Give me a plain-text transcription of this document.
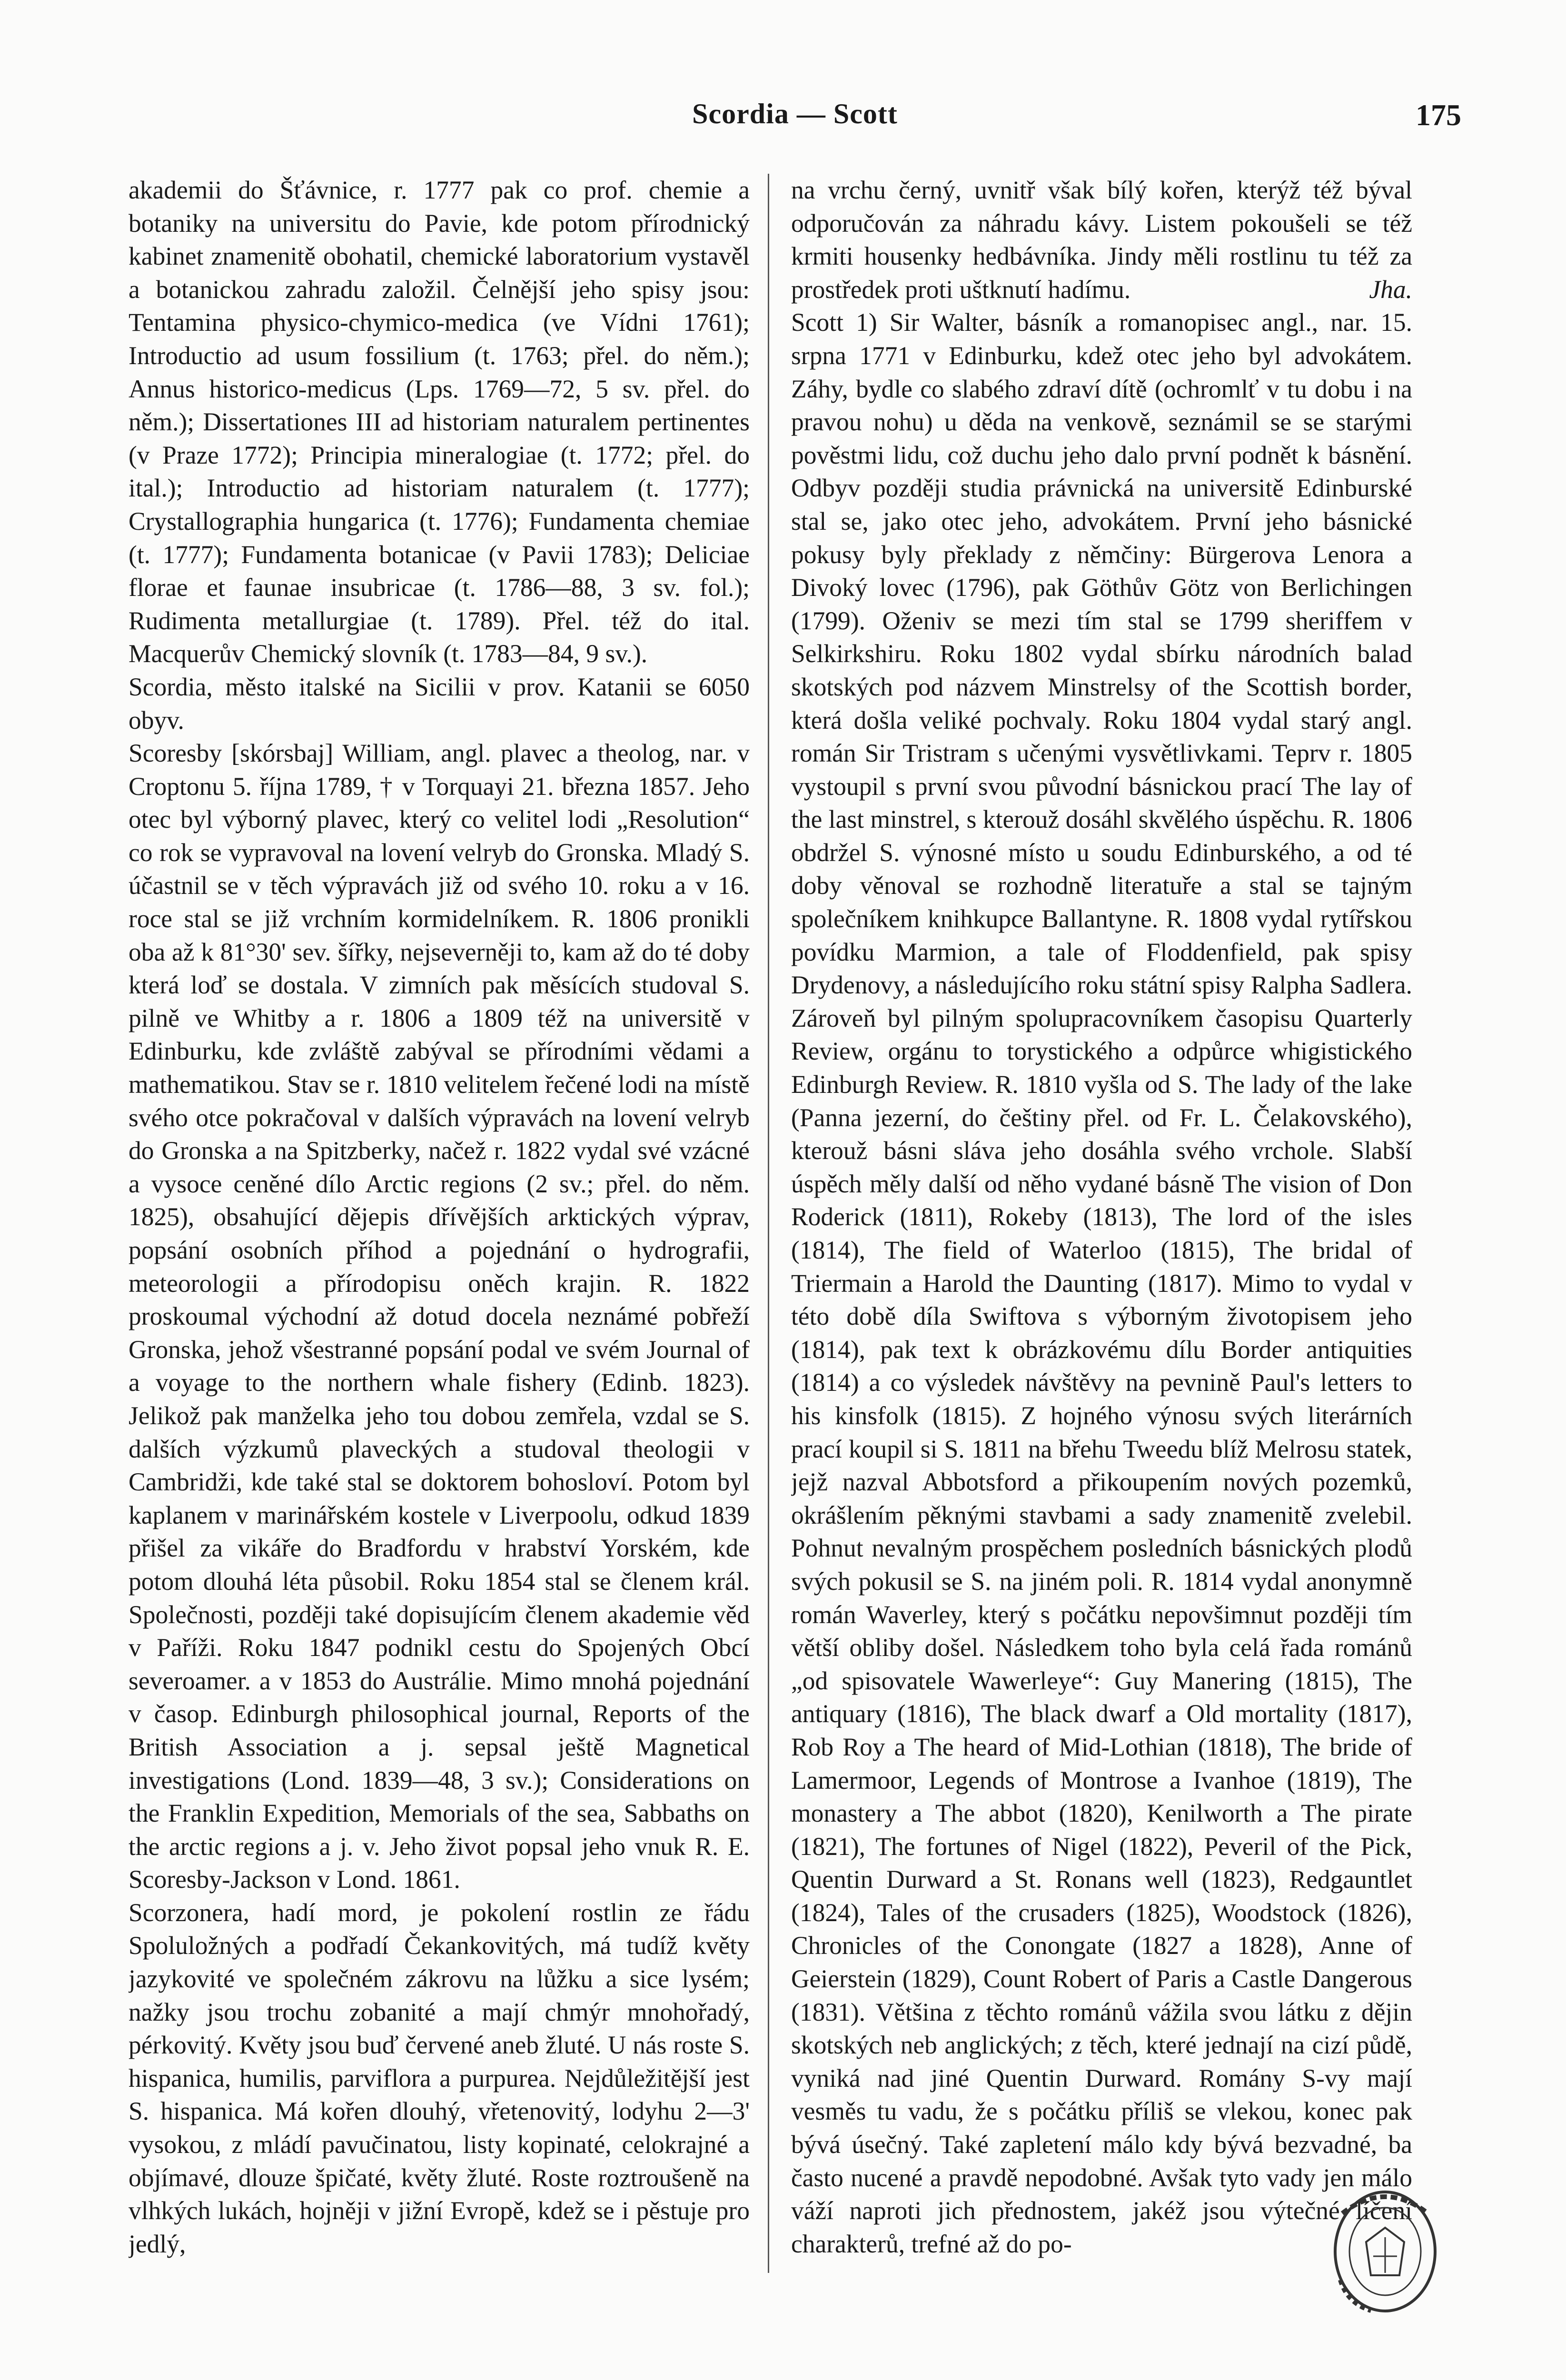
Scordia — Scott	175

akademii do Šťávnice, r. 1777 pak co prof. chemie a botaniky na universitu do Pavie, kde potom přírodnický kabinet znamenitě obohatil, chemické laboratorium vystavěl a botanickou zahradu založil. Čelnější jeho spisy jsou: Tentamina physico-chymico-medica (ve Vídni 1761); Introductio ad usum fossilium (t. 1763; přel. do něm.); Annus historico-medicus (Lps. 1769—72, 5 sv. přel. do něm.); Dissertationes III ad historiam naturalem pertinentes (v Praze 1772); Principia mineralogiae (t. 1772; přel. do ital.); Introductio ad historiam naturalem (t. 1777); Crystallographia hungarica (t. 1776); Fundamenta chemiae (t. 1777); Fundamenta botanicae (v Pavii 1783); Deliciae florae et faunae insubricae (t. 1786—88, 3 sv. fol.); Rudimenta metallurgiae (t. 1789). Přel. též do ital. Macquerův Chemický slovník (t. 1783—84, 9 sv.).

Scordia, město italské na Sicilii v prov. Katanii se 6050 obyv.

Scoresby [skórsbaj] William, angl. plavec a theolog, nar. v Croptonu 5. října 1789, † v Torquayi 21. března 1857. Jeho otec byl výborný plavec, který co velitel lodi „Resolution“ co rok se vypravoval na lovení velryb do Gronska. Mladý S. účastnil se v těch výpravách již od svého 10. roku a v 16. roce stal se již vrchním kormidelníkem. R. 1806 pronikli oba až k 81°30' sev. šířky, nejseverněji to, kam až do té doby která loď se dostala. V zimních pak měsících studoval S. pilně ve Whitby a r. 1806 a 1809 též na universitě v Edinburku, kde zvláště zabýval se přírodními vědami a mathematikou. Stav se r. 1810 velitelem řečené lodi na místě svého otce pokračoval v dalších výpravách na lovení velryb do Gronska a na Spitzberky, načež r. 1822 vydal své vzácné a vysoce ceněné dílo Arctic regions (2 sv.; přel. do něm. 1825), obsahující dějepis dřívějších arktických výprav, popsání osobních příhod a pojednání o hydrografii, meteorologii a přírodopisu oněch krajin. R. 1822 proskoumal východní až dotud docela neznámé pobřeží Gronska, jehož všestranné popsání podal ve svém Journal of a voyage to the northern whale fishery (Edinb. 1823). Jelikož pak manželka jeho tou dobou zemřela, vzdal se S. dalších výzkumů plaveckých a studoval theologii v Cambridži, kde také stal se doktorem bohosloví. Potom byl kaplanem v marinářském kostele v Liverpoolu, odkud 1839 přišel za vikáře do Bradfordu v hrabství Yorském, kde potom dlouhá léta působil. Roku 1854 stal se členem král. Společnosti, později také dopisujícím členem akademie věd v Paříži. Roku 1847 podnikl cestu do Spojených Obcí severoamer. a v 1853 do Austrálie. Mimo mnohá pojednání v časop. Edinburgh philosophical journal, Reports of the British Association a j. sepsal ještě Magnetical investigations (Lond. 1839—48, 3 sv.); Considerations on the Franklin Expedition, Memorials of the sea, Sabbaths on the arctic regions a j. v. Jeho život popsal jeho vnuk R. E. Scoresby-Jackson v Lond. 1861.

Scorzonera, hadí mord, je pokolení rostlin ze řádu Spoluložných a podřadí Čekankovitých, má tudíž květy jazykovité ve společném zákrovu na lůžku a sice lysém; nažky jsou trochu zobanité a mají chmýr mnohořadý, pérkovitý. Květy jsou buď červené aneb žluté. U nás roste S. hispanica, humilis, parviflora a purpurea. Nejdůležitější jest S. hispanica. Má kořen dlouhý, vřetenovitý, lodyhu 2—3' vysokou, z mládí pavučinatou, listy kopinaté, celokrajné a objímavé, dlouze špičaté, květy žluté. Roste roztroušeně na vlhkých lukách, hojněji v jižní Evropě, kdež se i pěstuje pro jedlý,

na vrchu černý, uvnitř však bílý kořen, kterýž též býval odporučován za náhradu kávy. Listem pokoušeli se též krmiti housenky hedbávníka. Jindy měli rostlinu tu též za prostředek proti uštknutí hadímu.	Jha.

Scott 1) Sir Walter, básník a romanopisec angl., nar. 15. srpna 1771 v Edinburku, kdež otec jeho byl advokátem. Záhy, bydle co slabého zdraví dítě (ochromlť v tu dobu i na pravou nohu) u děda na venkově, seznámil se se starými pověstmi lidu, což duchu jeho dalo první podnět k básnění. Odbyv později studia právnická na universitě Edinburské stal se, jako otec jeho, advokátem. První jeho básnické pokusy byly překlady z němčiny: Bürgerova Lenora a Divoký lovec (1796), pak Göthův Götz von Berlichingen (1799). Oženiv se mezi tím stal se 1799 sheriffem v Selkirkshiru. Roku 1802 vydal sbírku národních balad skotských pod názvem Minstrelsy of the Scottish border, která došla veliké pochvaly. Roku 1804 vydal starý angl. román Sir Tristram s učenými vysvětlivkami. Teprv r. 1805 vystoupil s první svou původní básnickou prací The lay of the last minstrel, s kterouž dosáhl skvělého úspěchu. R. 1806 obdržel S. výnosné místo u soudu Edinburského, a od té doby věnoval se rozhodně literatuře a stal se tajným společníkem knihkupce Ballantyne. R. 1808 vydal rytířskou povídku Marmion, a tale of Floddenfield, pak spisy Drydenovy, a následujícího roku státní spisy Ralpha Sadlera. Zároveň byl pilným spolupracovníkem časopisu Quarterly Review, orgánu to torystického a odpůrce whigistického Edinburgh Review. R. 1810 vyšla od S. The lady of the lake (Panna jezerní, do češtiny přel. od Fr. L. Čelakovského), kterouž básni sláva jeho dosáhla svého vrchole. Slabší úspěch měly další od něho vydané básně The vision of Don Roderick (1811), Rokeby (1813), The lord of the isles (1814), The field of Waterloo (1815), The bridal of Triermain a Harold the Daunting (1817). Mimo to vydal v této době díla Swiftova s výborným životopisem jeho (1814), pak text k obrázkovému dílu Border antiquities (1814) a co výsledek návštěvy na pevnině Paul's letters to his kinsfolk (1815). Z hojného výnosu svých literárních prací koupil si S. 1811 na břehu Tweedu blíž Melrosu statek, jejž nazval Abbotsford a přikoupením nových pozemků, okrášlením pěknými stavbami a sady znamenitě zvelebil. Pohnut nevalným prospěchem posledních básnických plodů svých pokusil se S. na jiném poli. R. 1814 vydal anonymně román Waverley, který s počátku nepovšimnut později tím větší obliby došel. Následkem toho byla celá řada románů „od spisovatele Wawerleye“: Guy Manering (1815), The antiquary (1816), The black dwarf a Old mortality (1817), Rob Roy a The heard of Mid-Lothian (1818), The bride of Lamermoor, Legends of Montrose a Ivanhoe (1819), The monastery a The abbot (1820), Kenilworth a The pirate (1821), The fortunes of Nigel (1822), Peveril of the Pick, Quentin Durward a St. Ronans well (1823), Redgauntlet (1824), Tales of the crusaders (1825), Woodstock (1826), Chronicles of the Conongate (1827 a 1828), Anne of Geierstein (1829), Count Robert of Paris a Castle Dangerous (1831). Většina z těchto románů vážila svou látku z dějin skotských neb anglických; z těch, které jednají na cizí půdě, vyniká nad jiné Quentin Durward. Romány S-vy mají vesměs tu vadu, že s počátku příliš se vlekou, konec pak bývá úsečný. Také zapletení málo kdy bývá bezvadné, ba často nucené a pravdě nepodobné. Avšak tyto vady jen málo váží naproti jich přednostem, jakéž jsou výtečné líčení charakterů, trefné až do po-
